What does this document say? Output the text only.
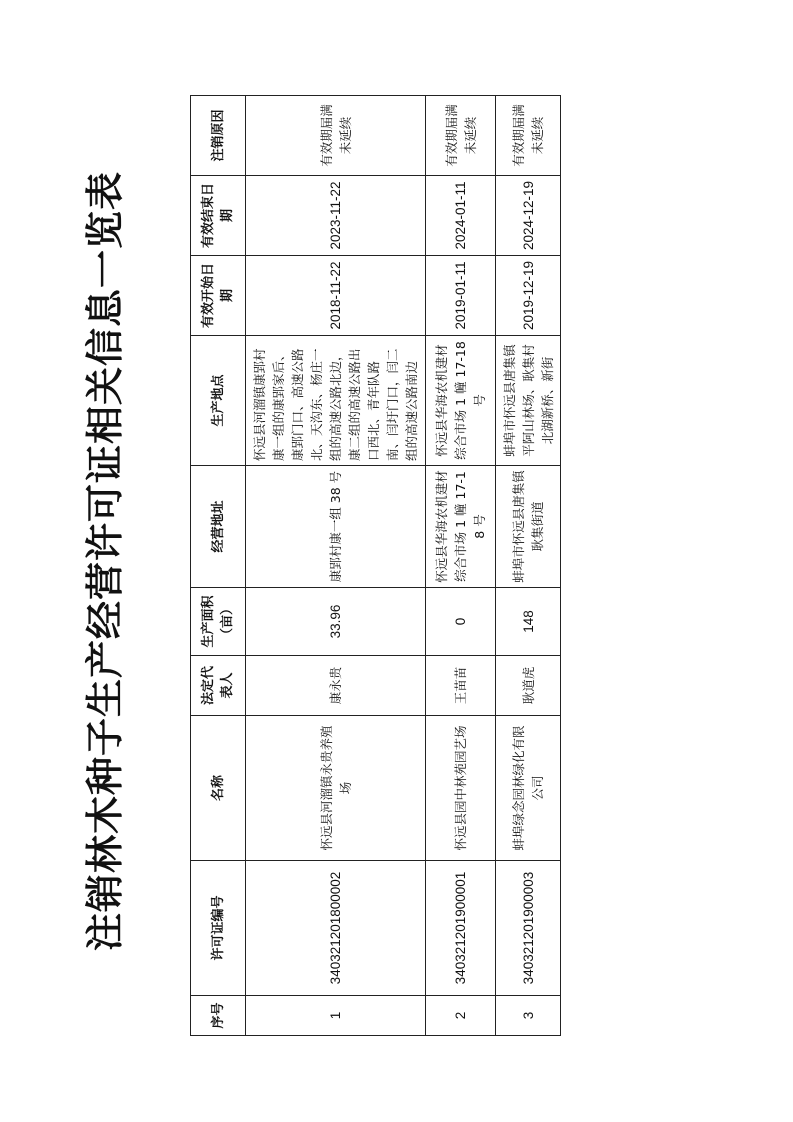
注销林木种子生产经营许可证相关信息一览表
序号	许可证编号	名称	法定代表人	生产面积（亩）	经营地址	生产地点	有效开始日期	有效结束日期	注销原因
1	340321201800002	怀远县河溜镇永贵养殖场	康永贵	33.96	康郢村康一组 38 号	怀远县河溜镇康郢村康一组的康郢家后、康郢门口、高速公路北、天沟东、杨庄一组的高速公路北边，康二组的高速公路出口西北、青年队路南、闫圩门口，闫二组的高速公路南边	2018-11-22	2023-11-22	有效期届满未延续
2	340321201900001	怀远县园中林苑园艺场	王苗苗	0	怀远县华海农机建材综合市场 1 幢 17-18 号	怀远县华海农机建材综合市场 1 幢 17-18 号	2019-01-11	2024-01-11	有效期届满未延续
3	340321201900003	蚌埠绿念园林绿化有限公司	耿道虎	148	蚌埠市怀远县唐集镇耿集街道	蚌埠市怀远县唐集镇平阿山林场、耿集村北湖新桥、新街	2019-12-19	2024-12-19	有效期届满未延续
